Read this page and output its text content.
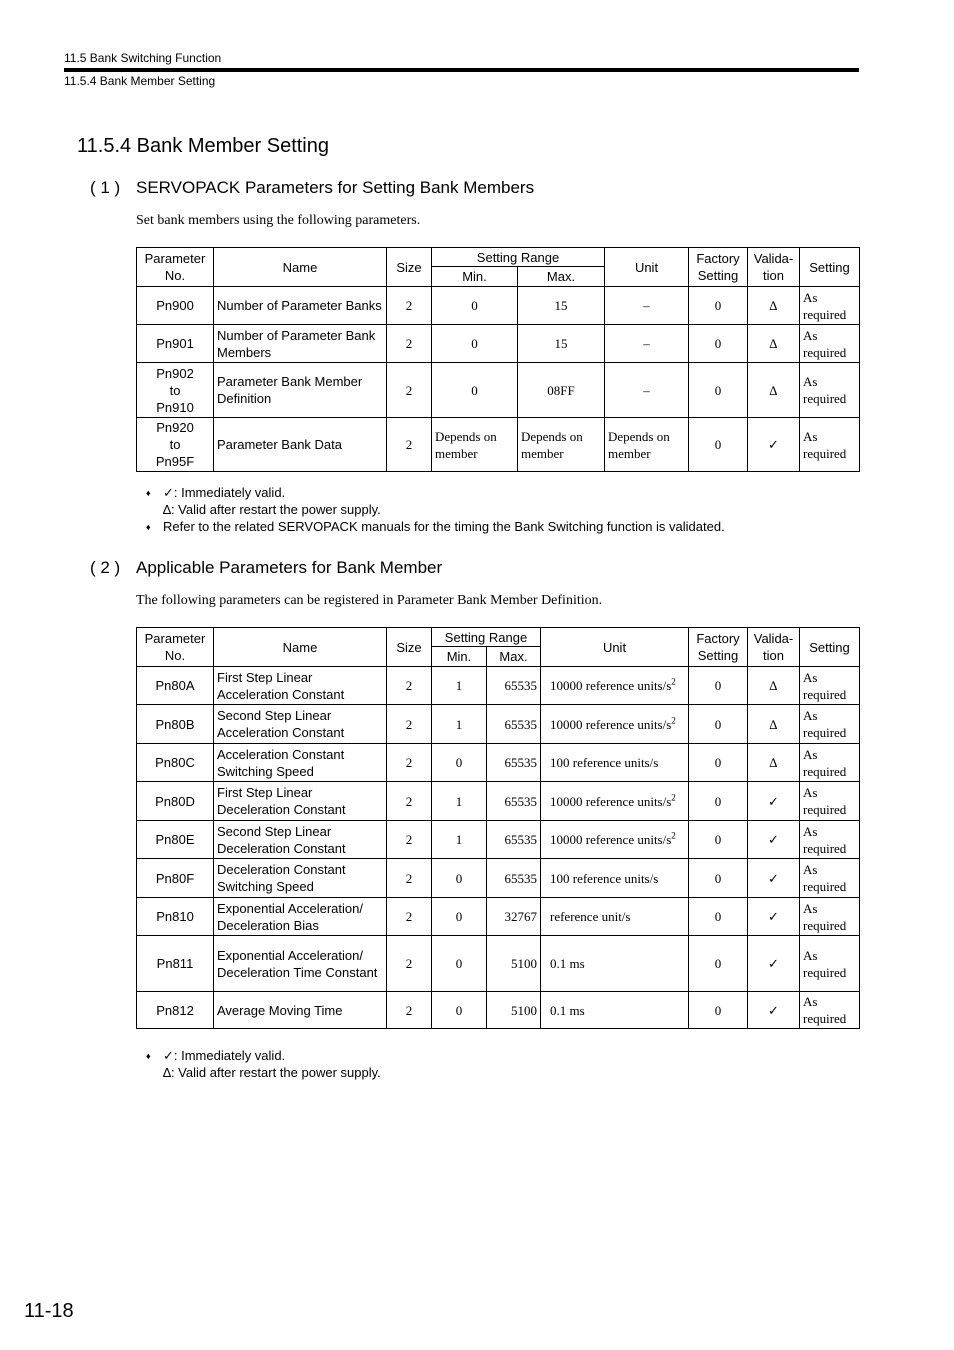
11.5 Bank Switching Function
11.5.4 Bank Member Setting
11.5.4 Bank Member Setting
( 1 ) SERVOPACK Parameters for Setting Bank Members
Set bank members using the following parameters.
Parameter No.	Name	Size	Setting Range		Unit	Factory Setting	Valida-tion	Setting
			Min.	Max.				
Pn900	Number of Parameter Banks	2	0	15	–	0	∆	As required
Pn901	Number of Parameter Bank Members	2	0	15	–	0	∆	As required
Pn902 to Pn910	Parameter Bank Member Definition	2	0	08FF	–	0	∆	As required
Pn920 to Pn95F	Parameter Bank Data	2	Depends on member	Depends on member	Depends on member	0	✓	As required
♦ ✓: Immediately valid.
∆: Valid after restart the power supply.
♦ Refer to the related SERVOPACK manuals for the timing the Bank Switching function is validated.
( 2 ) Applicable Parameters for Bank Member
The following parameters can be registered in Parameter Bank Member Definition.
Parameter No.	Name	Size	Setting Range		Unit	Factory Setting	Valida-tion	Setting
			Min.	Max.				
Pn80A	First Step Linear Acceleration Constant	2	1	65535	10000 reference units/$s^2$	0	∆	As required
Pn80B	Second Step Linear Acceleration Constant	2	1	65535	10000 reference units/$s^2$	0	∆	As required
Pn80C	Acceleration Constant Switching Speed	2	0	65535	100 reference units/s	0	∆	As required
Pn80D	First Step Linear Deceleration Constant	2	1	65535	10000 reference units/$s^2$	0	✓	As required
Pn80E	Second Step Linear Deceleration Constant	2	1	65535	10000 reference units/$s^2$	0	✓	As required
Pn80F	Deceleration Constant Switching Speed	2	0	65535	100 reference units/s	0	✓	As required
Pn810	Exponential Acceleration/ Deceleration Bias	2	0	32767	reference unit/s	0	✓	As required
Pn811	Exponential Acceleration/ Deceleration Time Constant	2	0	5100	0.1 ms	0	✓	As required
Pn812	Average Moving Time	2	0	5100	0.1 ms	0	✓	As required
♦ ✓: Immediately valid.
∆: Valid after restart the power supply.
11-18
